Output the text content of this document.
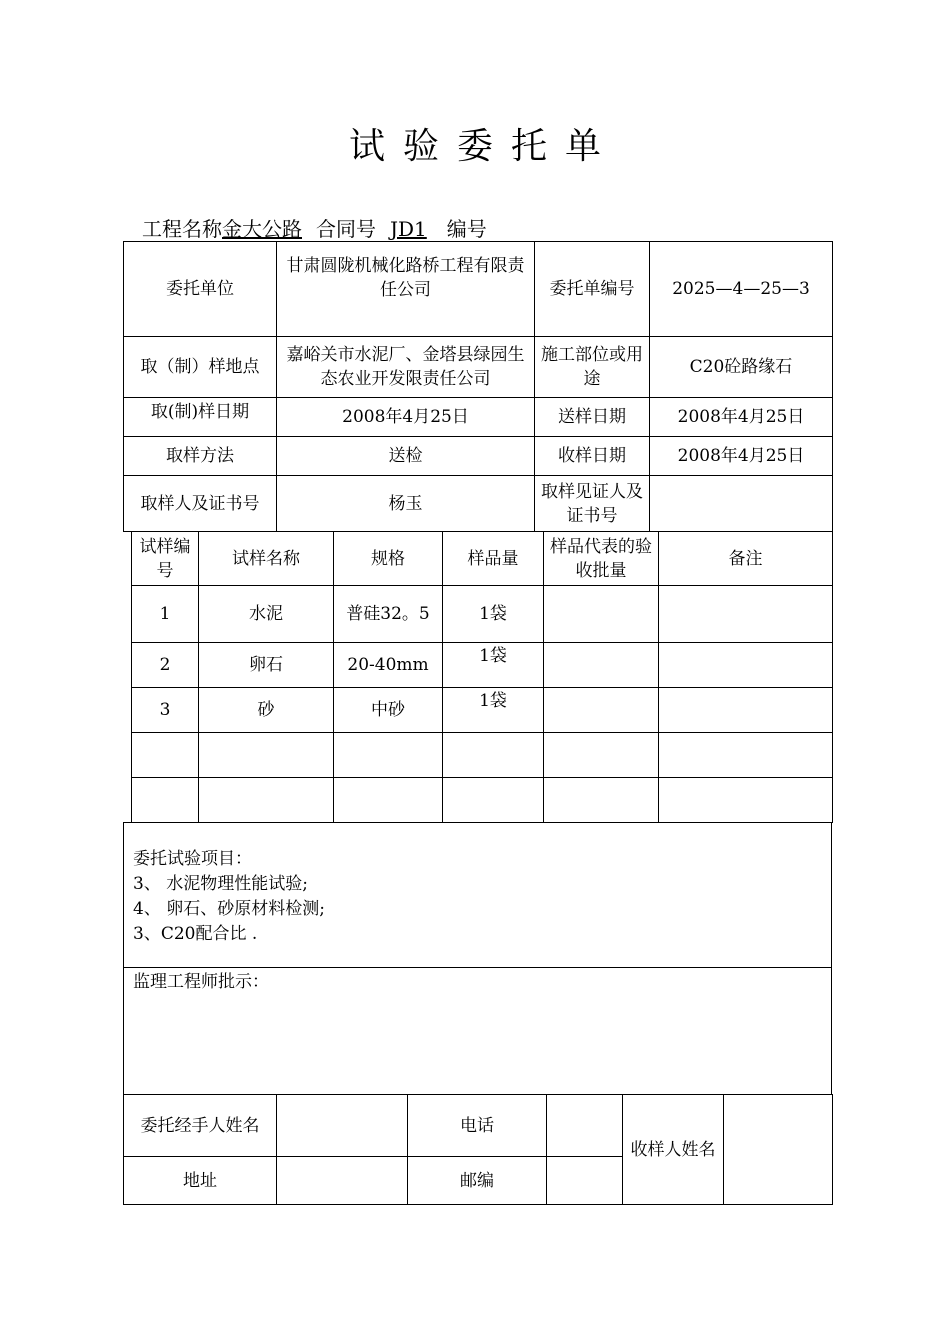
试验委托单
工程名称金大公路 合同号 JD1 编号
委托单位	甘肃圆陇机械化路桥工程有限责任公司	委托单编号	2025—4—25—3
取（制）样地点	嘉峪关市水泥厂、金塔县绿园生态农业开发限责任公司	施工部位或用途	C20砼路缘石
取(制)样日期	2008年4月25日	送样日期	2008年4月25日
取样方法	送检	收样日期	2008年4月25日
取样人及证书号	杨玉	取样见证人及证书号	
试样编号	试样名称	规格	样品量	样品代表的验收批量	备注
1	水泥	普硅32。5	1袋		
2	卵石	20-40mm	1袋		
3	砂	中砂	1袋		

委托试验项目：
3、 水泥物理性能试验;
4、 卵石、砂原材料检测;
3、C20配合比 .

监理工程师批示：
委托经手人姓名		电话		收样人姓名	
地址		邮编			
